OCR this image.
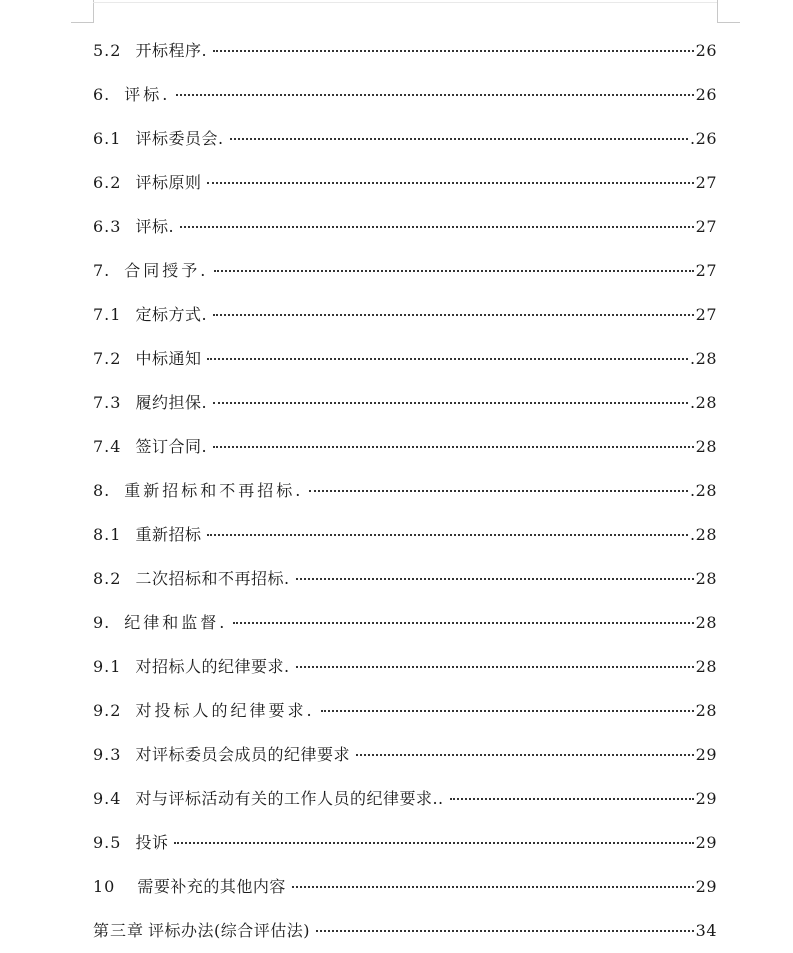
5.2 开标程序.	26
6. 评标.	26
6.1 评标委员会.	.26
6.2 评标原则	27
6.3 评标.	27
7. 合同授予.	27
7.1 定标方式.	27
7.2 中标通知	.28
7.3 履约担保.	.28
7.4 签订合同.	28
8. 重新招标和不再招标.	.28
8.1 重新招标	.28
8.2 二次招标和不再招标.	28
9. 纪律和监督.	28
9.1 对招标人的纪律要求.	28
9.2 对投标人的纪律要求.	28
9.3 对评标委员会成员的纪律要求	29
9.4 对与评标活动有关的工作人员的纪律要求..	29
9.5 投诉	29
10 需要补充的其他内容	29
第三章 评标办法(综合评估法)	34
